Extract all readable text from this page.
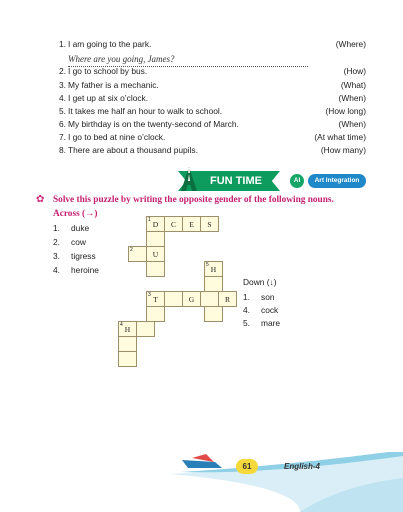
1. I am going to the park.	(Where)
Where are you going, James?
2. I go to school by bus.	(How)
3. My father is a mechanic.	(What)
4. I get up at six o’clock.	(When)
5. It takes me half an hour to walk to school.	(How long)
6. My birthday is on the twenty-second of March.	(When)
7. I go to bed at nine o’clock.	(At what time)
8. There are about a thousand pupils.	(How many)
FUN TIME	AI	Art Integration
✿ Solve this puzzle by writing the opposite gender of the following nouns.
Across (→)
1. duke
2. cow
3. tigress
4. heroine
Down (↓)
1. son
4. cock
5. mare
1 D	C	E	S
2	U
5 H
3 T	G	R
4 H
61	English-4
